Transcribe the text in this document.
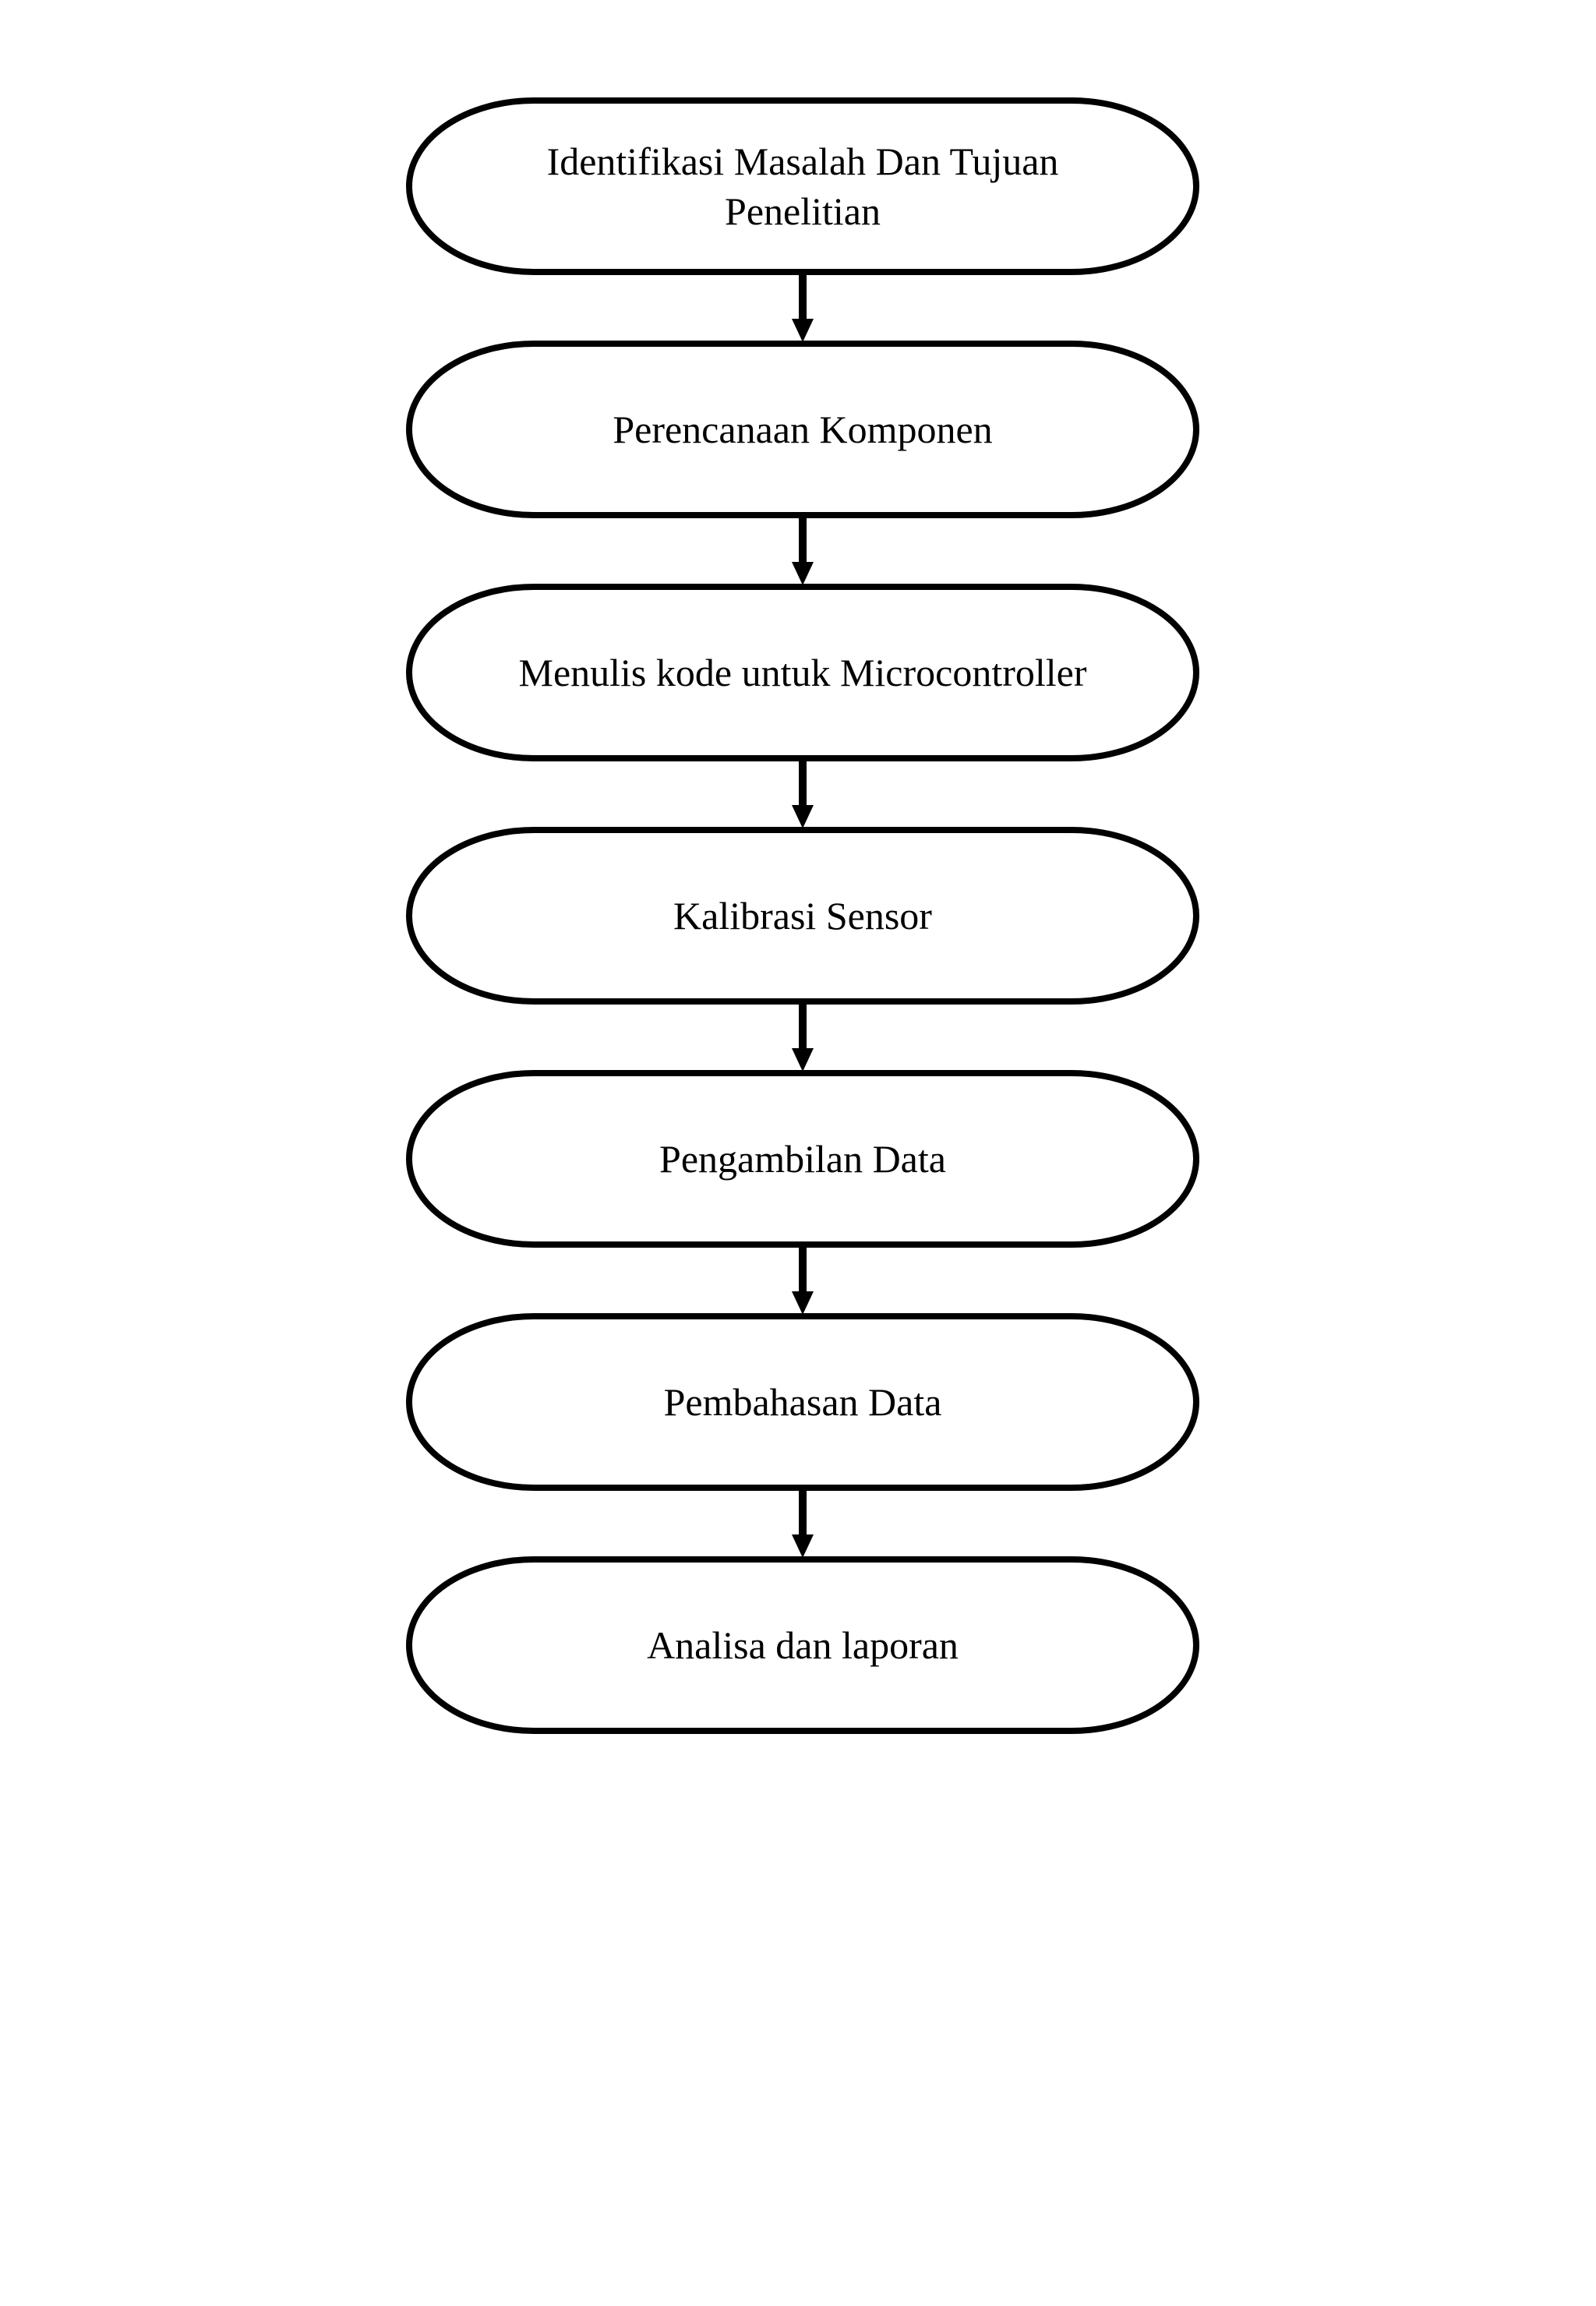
Identifikasi Masalah Dan Tujuan
Penelitian
Perencanaan Komponen
Menulis kode untuk Microcontroller
Kalibrasi Sensor
Pengambilan Data
Pembahasan Data
Analisa dan laporan
